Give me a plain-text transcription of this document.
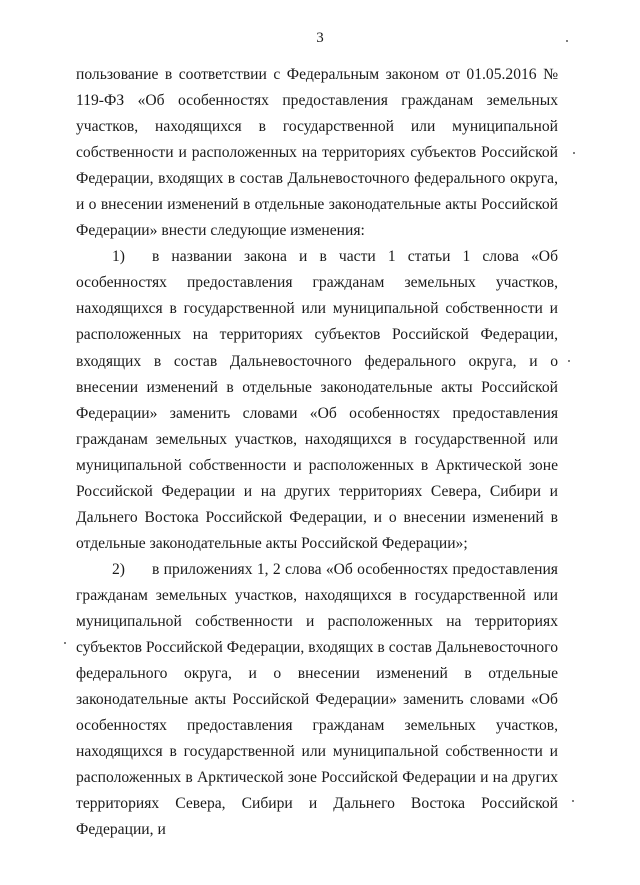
3

пользование в соответствии с Федеральным законом от 01.05.2016 № 119-ФЗ «Об особенностях предоставления гражданам земельных участков, находящихся в государственной или муниципальной собственности и расположенных на территориях субъектов Российской Федерации, входящих в состав Дальневосточного федерального округа, и о внесении изменений в отдельные законодательные акты Российской Федерации» внести следующие изменения:

1) в названии закона и в части 1 статьи 1 слова «Об особенностях предоставления гражданам земельных участков, находящихся в государственной или муниципальной собственности и расположенных на территориях субъектов Российской Федерации, входящих в состав Дальневосточного федерального округа, и о внесении изменений в отдельные законодательные акты Российской Федерации» заменить словами «Об особенностях предоставления гражданам земельных участков, находящихся в государственной или муниципальной собственности и расположенных в Арктической зоне Российской Федерации и на других территориях Севера, Сибири и Дальнего Востока Российской Федерации, и о внесении изменений в отдельные законодательные акты Российской Федерации»;

2) в приложениях 1, 2 слова «Об особенностях предоставления гражданам земельных участков, находящихся в государственной или муниципальной собственности и расположенных на территориях субъектов Российской Федерации, входящих в состав Дальневосточного федерального округа, и о внесении изменений в отдельные законодательные акты Российской Федерации» заменить словами «Об особенностях предоставления гражданам земельных участков, находящихся в государственной или муниципальной собственности и расположенных в Арктической зоне Российской Федерации и на других территориях Севера, Сибири и Дальнего Востока Российской Федерации, и
